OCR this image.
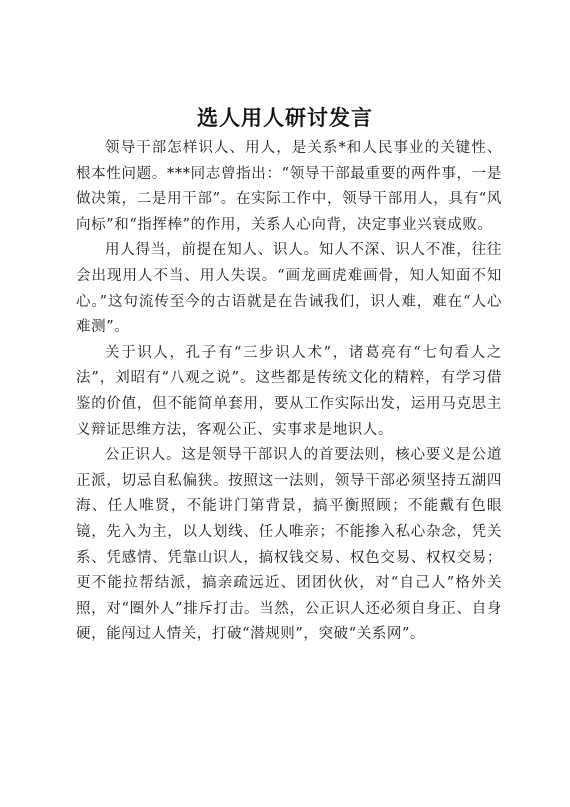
选人用人研讨发言

领导干部怎样识人、用人，是关系*和人民事业的关键性、根本性问题。***同志曾指出：“领导干部最重要的两件事，一是做决策，二是用干部”。在实际工作中，领导干部用人，具有“风向标”和“指挥棒”的作用，关系人心向背，决定事业兴衰成败。

用人得当，前提在知人、识人。知人不深、识人不准，往往会出现用人不当、用人失误。“画龙画虎难画骨，知人知面不知心。”这句流传至今的古语就是在告诫我们，识人难，难在“人心难测”。

关于识人，孔子有“三步识人术”，诸葛亮有“七句看人之法”，刘昭有“八观之说”。这些都是传统文化的精粹，有学习借鉴的价值，但不能简单套用，要从工作实际出发，运用马克思主义辩证思维方法，客观公正、实事求是地识人。

公正识人。这是领导干部识人的首要法则，核心要义是公道正派，切忌自私偏狭。按照这一法则，领导干部必须坚持五湖四海、任人唯贤，不能讲门第背景，搞平衡照顾；不能戴有色眼镜，先入为主，以人划线、任人唯亲；不能掺入私心杂念，凭关系、凭感情、凭靠山识人，搞权钱交易、权色交易、权权交易；更不能拉帮结派，搞亲疏远近、团团伙伙，对“自己人”格外关照，对“圈外人”排斥打击。当然，公正识人还必须自身正、自身硬，能闯过人情关，打破“潜规则”，突破“关系网”。
